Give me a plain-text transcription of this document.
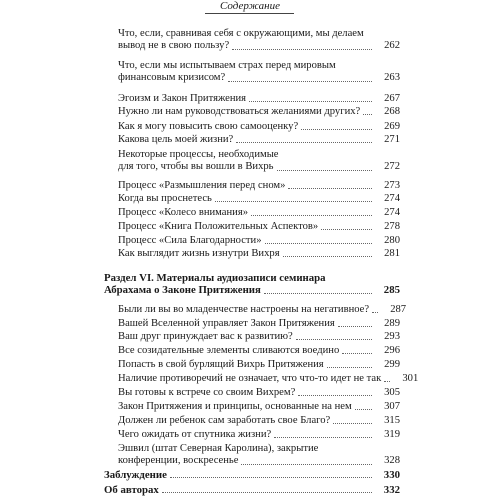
Содержание
Что, если, сравнивая себя с окружающими, мы делаем
вывод не в свою пользу?	262
Что, если мы испытываем страх перед мировым
финансовым кризисом?	263
Эгоизм и Закон Притяжения	267
Нужно ли нам руководствоваться желаниями других?	268
Как я могу повысить свою самооценку?	269
Какова цель моей жизни?	271
Некоторые процессы, необходимые
для того, чтобы вы вошли в Вихрь	272
Процесс «Размышления перед сном»	273
Когда вы проснетесь	274
Процесс «Колесо внимания»	274
Процесс «Книга Положительных Аспектов»	278
Процесс «Сила Благодарности»	280
Как выглядит жизнь изнутри Вихря	281
Раздел VI. Материалы аудиозаписи семинара
Абрахама о Законе Притяжения	285
Были ли вы во младенчестве настроены на негативное?	287
Вашей Вселенной управляет Закон Притяжения	289
Ваш друг принуждает вас к развитию?	293
Все созидательные элементы сливаются воедино	296
Попасть в свой бурлящий Вихрь Притяжения	299
Наличие противоречий не означает, что что-то идет не так	301
Вы готовы к встрече со своим Вихрем?	305
Закон Притяжения и принципы, основанные на нем	307
Должен ли ребенок сам заработать свое Благо?	315
Чего ожидать от спутника жизни?	319
Эшвил (штат Северная Каролина), закрытие
конференции, воскресенье	328
Заблуждение	330
Об авторах	332
